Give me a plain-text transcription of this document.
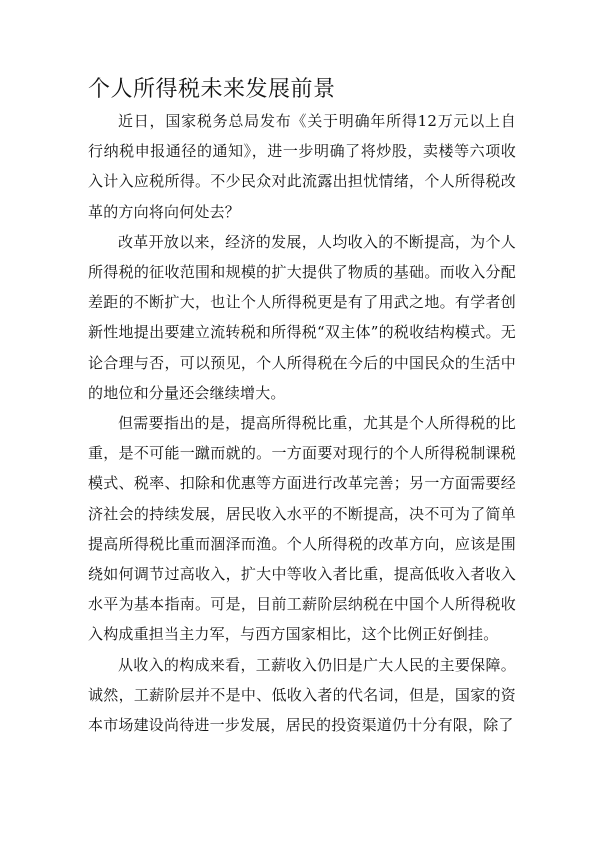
个人所得税未来发展前景

近日，国家税务总局发布《关于明确年所得12万元以上自行纳税申报通径的通知》，进一步明确了将炒股，卖楼等六项收入计入应税所得。不少民众对此流露出担忧情绪，个人所得税改革的方向将向何处去？

改革开放以来，经济的发展，人均收入的不断提高，为个人所得税的征收范围和规模的扩大提供了物质的基础。而收入分配差距的不断扩大，也让个人所得税更是有了用武之地。有学者创新性地提出要建立流转税和所得税“双主体”的税收结构模式。无论合理与否，可以预见，个人所得税在今后的中国民众的生活中的地位和分量还会继续增大。

但需要指出的是，提高所得税比重，尤其是个人所得税的比重，是不可能一蹴而就的。一方面要对现行的个人所得税制课税模式、税率、扣除和优惠等方面进行改革完善；另一方面需要经济社会的持续发展，居民收入水平的不断提高，决不可为了简单提高所得税比重而涸泽而渔。个人所得税的改革方向，应该是围绕如何调节过高收入，扩大中等收入者比重，提高低收入者收入水平为基本指南。可是，目前工薪阶层纳税在中国个人所得税收入构成重担当主力军，与西方国家相比，这个比例正好倒挂。

从收入的构成来看，工薪收入仍旧是广大人民的主要保障。诚然，工薪阶层并不是中、低收入者的代名词，但是，国家的资本市场建设尚待进一步发展，居民的投资渠道仍十分有限，除了
